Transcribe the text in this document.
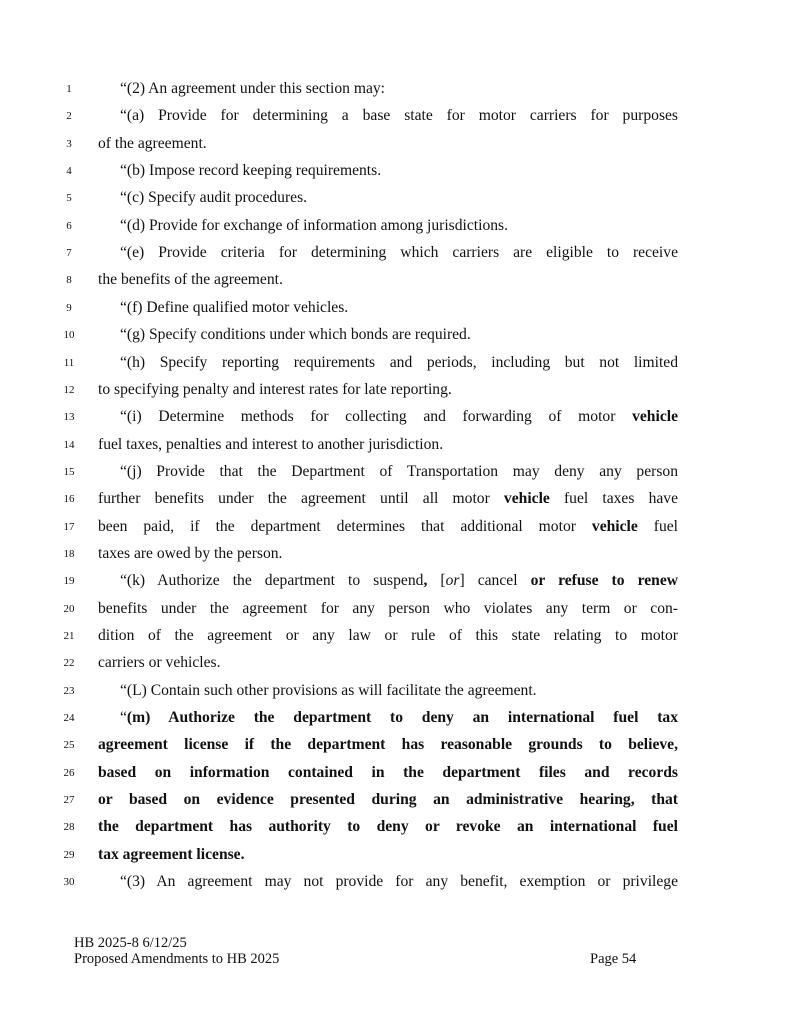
1	“(2) An agreement under this section may:
2	“(a) Provide for determining a base state for motor carriers for purposes
3	of the agreement.
4	“(b) Impose record keeping requirements.
5	“(c) Specify audit procedures.
6	“(d) Provide for exchange of information among jurisdictions.
7	“(e) Provide criteria for determining which carriers are eligible to receive
8	the benefits of the agreement.
9	“(f) Define qualified motor vehicles.
10	“(g) Specify conditions under which bonds are required.
11	“(h) Specify reporting requirements and periods, including but not limited
12	to specifying penalty and interest rates for late reporting.
13	“(i) Determine methods for collecting and forwarding of motor vehicle
14	fuel taxes, penalties and interest to another jurisdiction.
15	“(j) Provide that the Department of Transportation may deny any person
16	further benefits under the agreement until all motor vehicle fuel taxes have
17	been paid, if the department determines that additional motor vehicle fuel
18	taxes are owed by the person.
19	“(k) Authorize the department to suspend, [or] cancel or refuse to renew
20	benefits under the agreement for any person who violates any term or con-
21	dition of the agreement or any law or rule of this state relating to motor
22	carriers or vehicles.
23	“(L) Contain such other provisions as will facilitate the agreement.
24	“(m) Authorize the department to deny an international fuel tax
25	agreement license if the department has reasonable grounds to believe,
26	based on information contained in the department files and records
27	or based on evidence presented during an administrative hearing, that
28	the department has authority to deny or revoke an international fuel
29	tax agreement license.
30	“(3) An agreement may not provide for any benefit, exemption or privilege
HB 2025-8 6/12/25
Proposed Amendments to HB 2025	Page 54
